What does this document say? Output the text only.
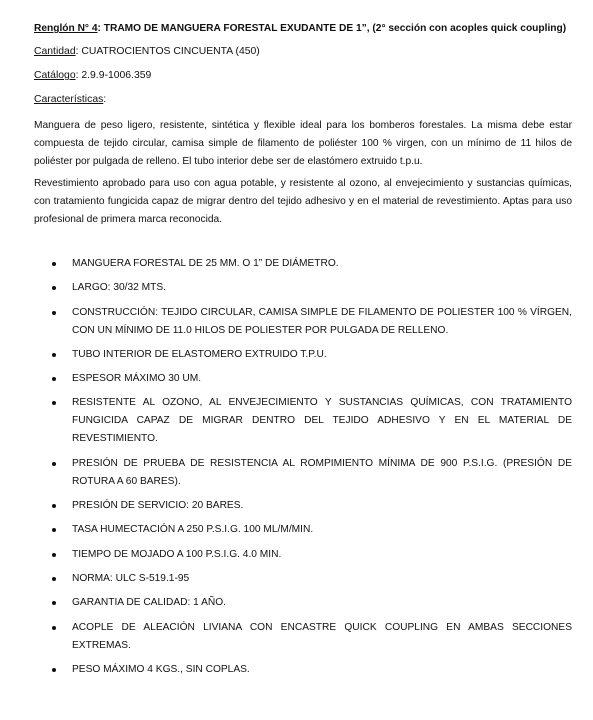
Renglón N° 4: TRAMO DE MANGUERA FORESTAL EXUDANTE DE 1”, (2° sección con acoples quick coupling)
Cantidad: CUATROCIENTOS CINCUENTA (450)
Catálogo: 2.9.9-1006.359
Características:

Manguera de peso ligero, resistente, sintética y flexible ideal para los bomberos forestales. La misma debe estar compuesta de tejido circular, camisa simple de filamento de poliéster 100 % virgen, con un mínimo de 11 hilos de poliéster por pulgada de relleno. El tubo interior debe ser de elastómero extruido t.p.u.

Revestimiento aprobado para uso con agua potable, y resistente al ozono, al envejecimiento y sustancias químicas, con tratamiento fungicida capaz de migrar dentro del tejido adhesivo y en el material de revestimiento. Aptas para uso profesional de primera marca reconocida.

MANGUERA FORESTAL DE 25 MM. O 1” DE DIÁMETRO.
LARGO: 30/32 MTS.
CONSTRUCCIÓN: TEJIDO CIRCULAR, CAMISA SIMPLE DE FILAMENTO DE POLIESTER 100 % VÍRGEN, CON UN MÍNIMO DE 11.0 HILOS DE POLIESTER POR PULGADA DE RELLENO.
TUBO INTERIOR DE ELASTOMERO EXTRUIDO T.P.U.
ESPESOR MÁXIMO 30 UM.
RESISTENTE AL OZONO, AL ENVEJECIMIENTO Y SUSTANCIAS QUÍMICAS, CON TRATAMIENTO FUNGICIDA CAPAZ DE MIGRAR DENTRO DEL TEJIDO ADHESIVO Y EN EL MATERIAL DE REVESTIMIENTO.
PRESIÓN DE PRUEBA DE RESISTENCIA AL ROMPIMIENTO MÍNIMA DE 900 P.S.I.G. (PRESIÓN DE ROTURA A 60 BARES).
PRESIÓN DE SERVICIO: 20 BARES.
TASA HUMECTACIÓN A 250 P.S.I.G. 100 ML/M/MIN.
TIEMPO DE MOJADO A 100 P.S.I.G. 4.0 MIN.
NORMA: ULC S-519.1-95
GARANTIA DE CALIDAD: 1 AÑO.
ACOPLE DE ALEACIÓN LIVIANA CON ENCASTRE QUICK COUPLING EN AMBAS SECCIONES EXTREMAS.
PESO MÁXIMO 4 KGS., SIN COPLAS.
